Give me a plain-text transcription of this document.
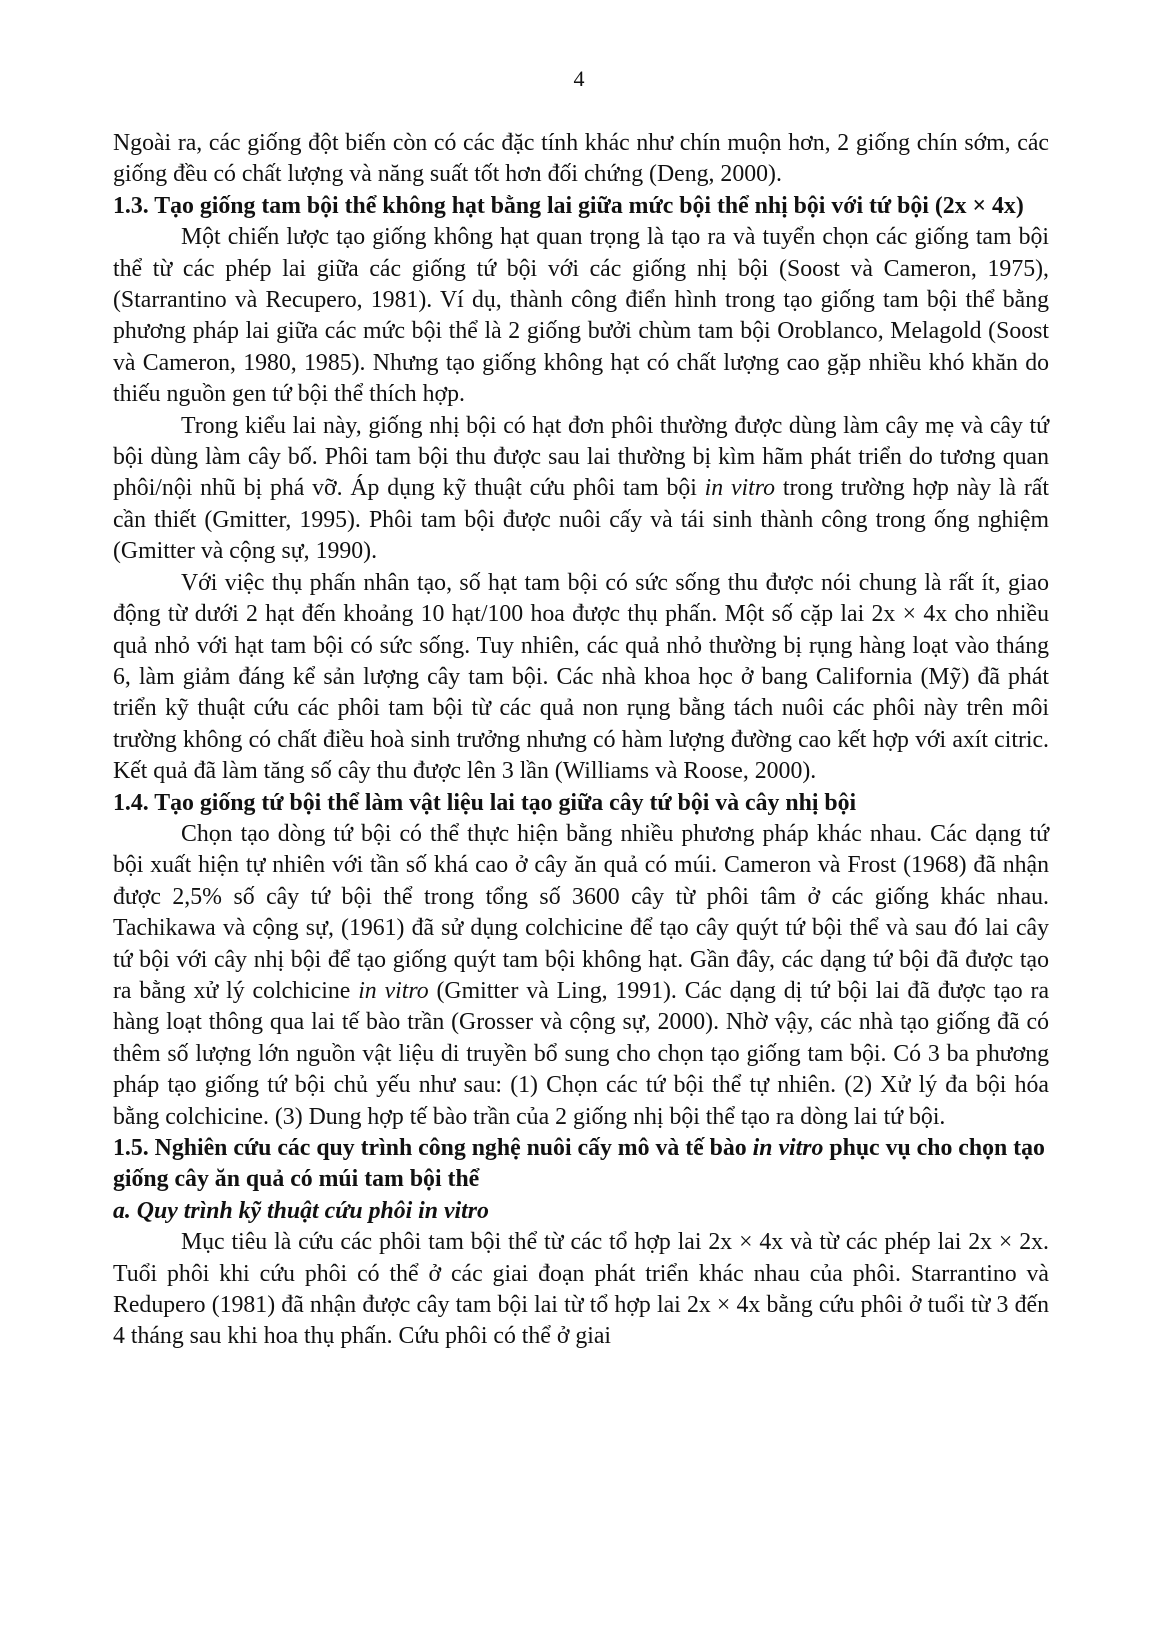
4

Ngoài ra, các giống đột biến còn có các đặc tính khác như chín muộn hơn, 2 giống chín sớm, các giống đều có chất lượng và năng suất tốt hơn đối chứng (Deng, 2000).

1.3. Tạo giống tam bội thể không hạt bằng lai giữa mức bội thể nhị bội với tứ bội (2x × 4x)

Một chiến lược tạo giống không hạt quan trọng là tạo ra và tuyển chọn các giống tam bội thể từ các phép lai giữa các giống tứ bội với các giống nhị bội (Soost và Cameron, 1975), (Starrantino và Recupero, 1981). Ví dụ, thành công điển hình trong tạo giống tam bội thể bằng phương pháp lai giữa các mức bội thể là 2 giống bưởi chùm tam bội Oroblanco, Melagold (Soost và Cameron, 1980, 1985). Nhưng tạo giống không hạt có chất lượng cao gặp nhiều khó khăn do thiếu nguồn gen tứ bội thể thích hợp.

Trong kiểu lai này, giống nhị bội có hạt đơn phôi thường được dùng làm cây mẹ và cây tứ bội dùng làm cây bố. Phôi tam bội thu được sau lai thường bị kìm hãm phát triển do tương quan phôi/nội nhũ bị phá vỡ. Áp dụng kỹ thuật cứu phôi tam bội in vitro trong trường hợp này là rất cần thiết (Gmitter, 1995). Phôi tam bội được nuôi cấy và tái sinh thành công trong ống nghiệm (Gmitter và cộng sự, 1990).

Với việc thụ phấn nhân tạo, số hạt tam bội có sức sống thu được nói chung là rất ít, giao động từ dưới 2 hạt đến khoảng 10 hạt/100 hoa được thụ phấn. Một số cặp lai 2x × 4x cho nhiều quả nhỏ với hạt tam bội có sức sống. Tuy nhiên, các quả nhỏ thường bị rụng hàng loạt vào tháng 6, làm giảm đáng kể sản lượng cây tam bội. Các nhà khoa học ở bang California (Mỹ) đã phát triển kỹ thuật cứu các phôi tam bội từ các quả non rụng bằng tách nuôi các phôi này trên môi trường không có chất điều hoà sinh trưởng nhưng có hàm lượng đường cao kết hợp với axít citric. Kết quả đã làm tăng số cây thu được lên 3 lần (Williams và Roose, 2000).

1.4. Tạo giống tứ bội thể làm vật liệu lai tạo giữa cây tứ bội và cây nhị bội

Chọn tạo dòng tứ bội có thể thực hiện bằng nhiều phương pháp khác nhau. Các dạng tứ bội xuất hiện tự nhiên với tần số khá cao ở cây ăn quả có múi. Cameron và Frost (1968) đã nhận được 2,5% số cây tứ bội thể trong tổng số 3600 cây từ phôi tâm ở các giống khác nhau. Tachikawa và cộng sự, (1961) đã sử dụng colchicine để tạo cây quýt tứ bội thể và sau đó lai cây tứ bội với cây nhị bội để tạo giống quýt tam bội không hạt. Gần đây, các dạng tứ bội đã được tạo ra bằng xử lý colchicine in vitro (Gmitter và Ling, 1991). Các dạng dị tứ bội lai đã được tạo ra hàng loạt thông qua lai tế bào trần (Grosser và cộng sự, 2000). Nhờ vậy, các nhà tạo giống đã có thêm số lượng lớn nguồn vật liệu di truyền bổ sung cho chọn tạo giống tam bội. Có 3 ba phương pháp tạo giống tứ bội chủ yếu như sau: (1) Chọn các tứ bội thể tự nhiên. (2) Xử lý đa bội hóa bằng colchicine. (3) Dung hợp tế bào trần của 2 giống nhị bội thể tạo ra dòng lai tứ bội.

1.5. Nghiên cứu các quy trình công nghệ nuôi cấy mô và tế bào in vitro phục vụ cho chọn tạo giống cây ăn quả có múi tam bội thể

a. Quy trình kỹ thuật cứu phôi in vitro

Mục tiêu là cứu các phôi tam bội thể từ các tổ hợp lai 2x × 4x và từ các phép lai 2x × 2x. Tuổi phôi khi cứu phôi có thể ở các giai đoạn phát triển khác nhau của phôi. Starrantino và Redupero (1981) đã nhận được cây tam bội lai từ tổ hợp lai 2x × 4x bằng cứu phôi ở tuổi từ 3 đến 4 tháng sau khi hoa thụ phấn. Cứu phôi có thể ở giai
